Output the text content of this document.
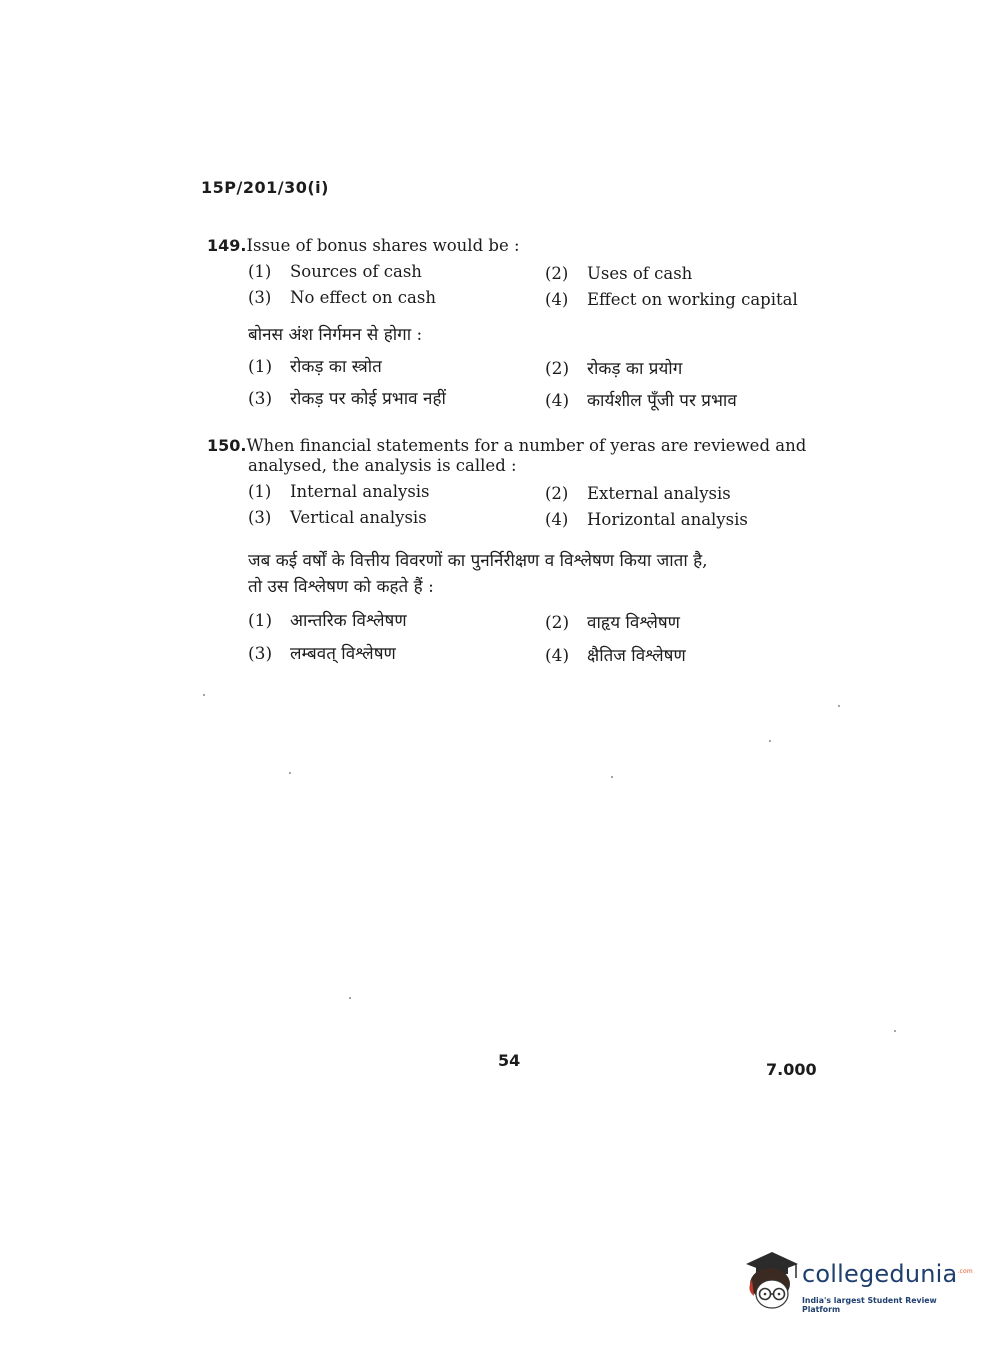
15P/201/30(i)
149.Issue of bonus shares would be :
(1) Sources of cash	(2) Uses of cash
(3) No effect on cash	(4) Effect on working capital
बोनस अंश निर्गमन से होगा :
(1) रोकड़ का स्त्रोत	(2) रोकड़ का प्रयोग
(3) रोकड़ पर कोई प्रभाव नहीं	(4) कार्यशील पूँजी पर प्रभाव
150.When financial statements for a number of yeras are reviewed and
analysed, the analysis is called :
(1) Internal analysis	(2) External analysis
(3) Vertical analysis	(4) Horizontal analysis
जब कई वर्षों के वित्तीय विवरणों का पुनर्निरीक्षण व विश्लेषण किया जाता है,
तो उस विश्लेषण को कहते हैं :
(1) आन्तरिक विश्लेषण	(2) वाहृय विश्लेषण
(3) लम्बवत् विश्लेषण	(4) क्षैतिज विश्लेषण
54	7.000
collegedunia$^{.com}$
India's largest Student Review Platform
